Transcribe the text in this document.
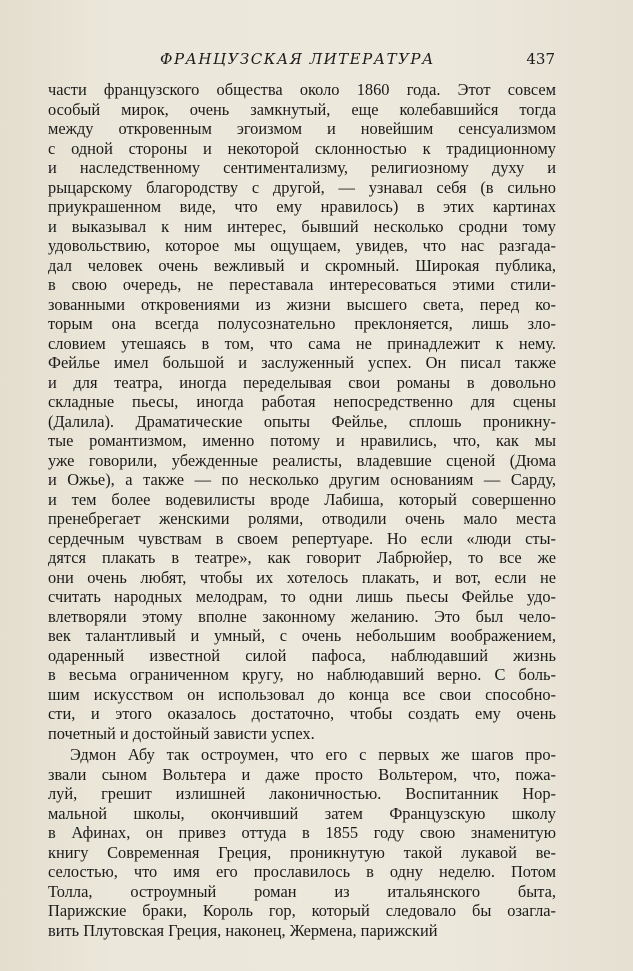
ФРАНЦУЗСКАЯ ЛИТЕРАТУРА	437
части французского общества около 1860 года. Этот совсем
особый мирок, очень замкнутый, еще колебавшийся тогда
между откровенным эгоизмом и новейшим сенсуализмом
с одной стороны и некоторой склонностью к традиционному
и наследственному сентиментализму, религиозному духу и
рыцарскому благородству с другой, — узнавал себя (в сильно
приукрашенном виде, что ему нравилось) в этих картинах
и выказывал к ним интерес, бывший несколько сродни тому
удовольствию, которое мы ощущаем, увидев, что нас разгада-
дал человек очень вежливый и скромный. Широкая публика,
в свою очередь, не переставала интересоваться этими стили-
зованными откровениями из жизни высшего света, перед ко-
торым она всегда полусознательно преклоняется, лишь зло-
словием утешаясь в том, что сама не принадлежит к нему.
Фейлье имел большой и заслуженный успех. Он писал также
и для театра, иногда переделывая свои романы в довольно
складные пьесы, иногда работая непосредственно для сцены
(Далила). Драматические опыты Фейлье, сплошь проникну-
тые романтизмом, именно потому и нравились, что, как мы
уже говорили, убежденные реалисты, владевшие сценой (Дюма
и Ожье), а также — по несколько другим основаниям — Сарду,
и тем более водевилисты вроде Лабиша, который совершенно
пренебрегает женскими ролями, отводили очень мало места
сердечным чувствам в своем репертуаре. Но если «люди сты-
дятся плакать в театре», как говорит Лабрюйер, то все же
они очень любят, чтобы их хотелось плакать, и вот, если не
считать народных мелодрам, то одни лишь пьесы Фейлье удо-
влетворяли этому вполне законному желанию. Это был чело-
век талантливый и умный, с очень небольшим воображением,
одаренный известной силой пафоса, наблюдавший жизнь
в весьма ограниченном кругу, но наблюдавший верно. С боль-
шим искусством он использовал до конца все свои способно-
сти, и этого оказалось достаточно, чтобы создать ему очень
почетный и достойный зависти успех.
Эдмон Абу так остроумен, что его с первых же шагов про-
звали сыном Вольтера и даже просто Вольтером, что, пожа-
луй, грешит излишней лаконичностью. Воспитанник Нор-
мальной школы, окончивший затем Французскую школу
в Афинах, он привез оттуда в 1855 году свою знаменитую
книгу Современная Греция, проникнутую такой лукавой ве-
селостью, что имя его прославилось в одну неделю. Потом
Толла, остроумный роман из итальянского быта,
Парижские браки, Король гор, который следовало бы озагла-
вить Плутовская Греция, наконец, Жермена, парижский
